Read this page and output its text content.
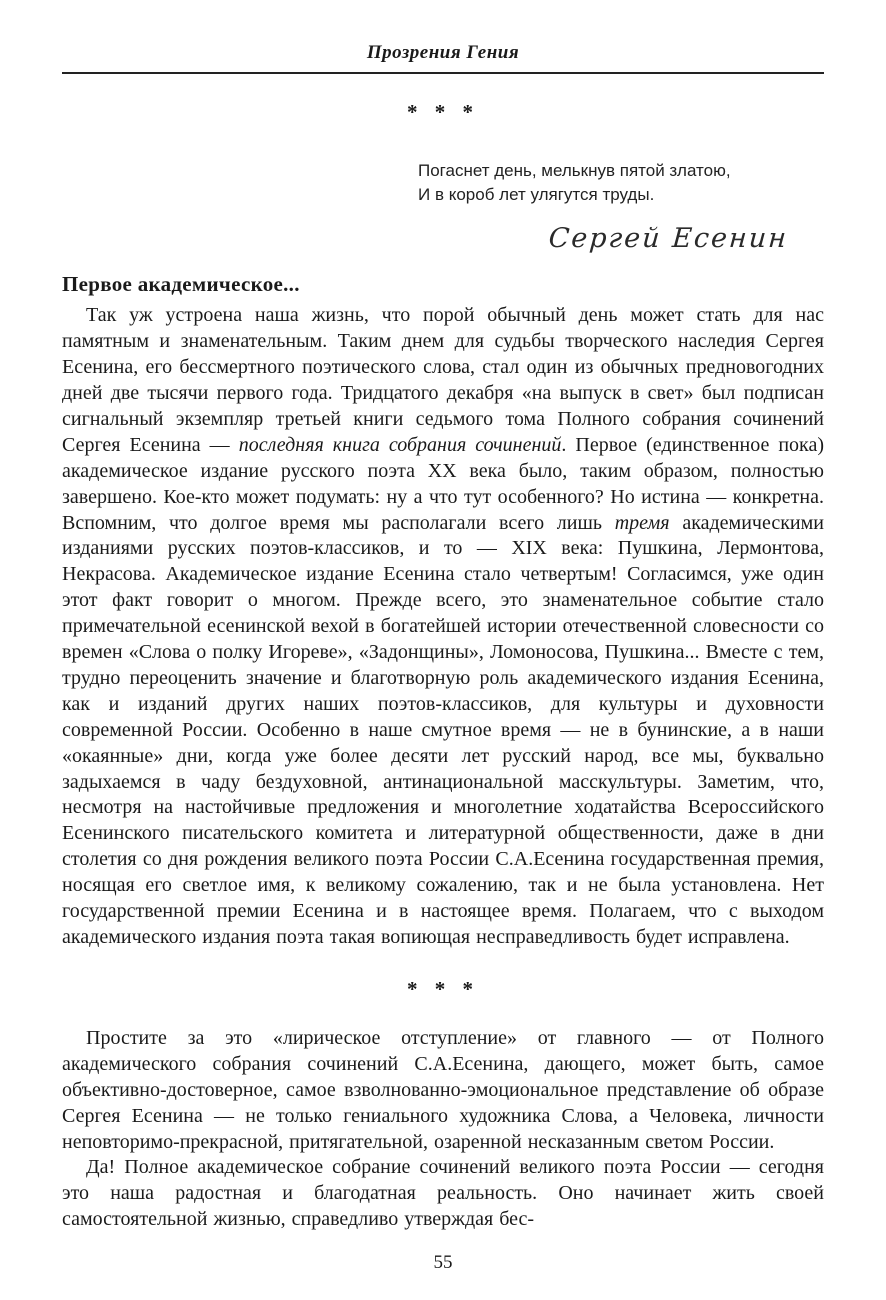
Прозрения Гения
* * *
Погаснет день, мелькнув пятой златою,
И в короб лет улягутся труды.
Сергей Есенин
Первое академическое...

Так уж устроена наша жизнь, что порой обычный день может стать для нас памятным и знаменательным. Таким днем для судьбы творческого наследия Сергея Есенина, его бессмертного поэтического слова, стал один из обычных предновогодних дней две тысячи первого года. Тридцатого декабря «на выпуск в свет» был подписан сигнальный экземпляр третьей книги седьмого тома Полного собрания сочинений Сергея Есенина — последняя книга собрания сочинений. Первое (единственное пока) академическое издание русского поэта XX века было, таким образом, полностью завершено. Кое-кто может подумать: ну а что тут особенного? Но истина — конкретна. Вспомним, что долгое время мы располагали всего лишь тремя академическими изданиями русских поэтов-классиков, и то — XIX века: Пушкина, Лермонтова, Некрасова. Академическое издание Есенина стало четвертым! Согласимся, уже один этот факт говорит о многом. Прежде всего, это знаменательное событие стало примечательной есенинской вехой в богатейшей истории отечественной словесности со времен «Слова о полку Игореве», «Задонщины», Ломоносова, Пушкина... Вместе с тем, трудно переоценить значение и благотворную роль академического издания Есенина, как и изданий других наших поэтов-классиков, для культуры и духовности современной России. Особенно в наше смутное время — не в бунинские, а в наши «окаянные» дни, когда уже более десяти лет русский народ, все мы, буквально задыхаемся в чаду бездуховной, антинациональной масскультуры. Заметим, что, несмотря на настойчивые предложения и многолетние ходатайства Всероссийского Есенинского писательского комитета и литературной общественности, даже в дни столетия со дня рождения великого поэта России С.А.Есенина государственная премия, носящая его светлое имя, к великому сожалению, так и не была установлена. Нет государственной премии Есенина и в настоящее время. Полагаем, что с выходом академического издания поэта такая вопиющая несправедливость будет исправлена.

* * *

Простите за это «лирическое отступление» от главного — от Полного академического собрания сочинений С.А.Есенина, дающего, может быть, самое объективно-достоверное, самое взволнованно-эмоциональное представление об образе Сергея Есенина — не только гениального художника Слова, а Человека, личности неповторимо-прекрасной, притягательной, озаренной несказанным светом России.

Да! Полное академическое собрание сочинений великого поэта России — сегодня это наша радостная и благодатная реальность. Оно начинает жить своей самостоятельной жизнью, справедливо утверждая бес-

55
